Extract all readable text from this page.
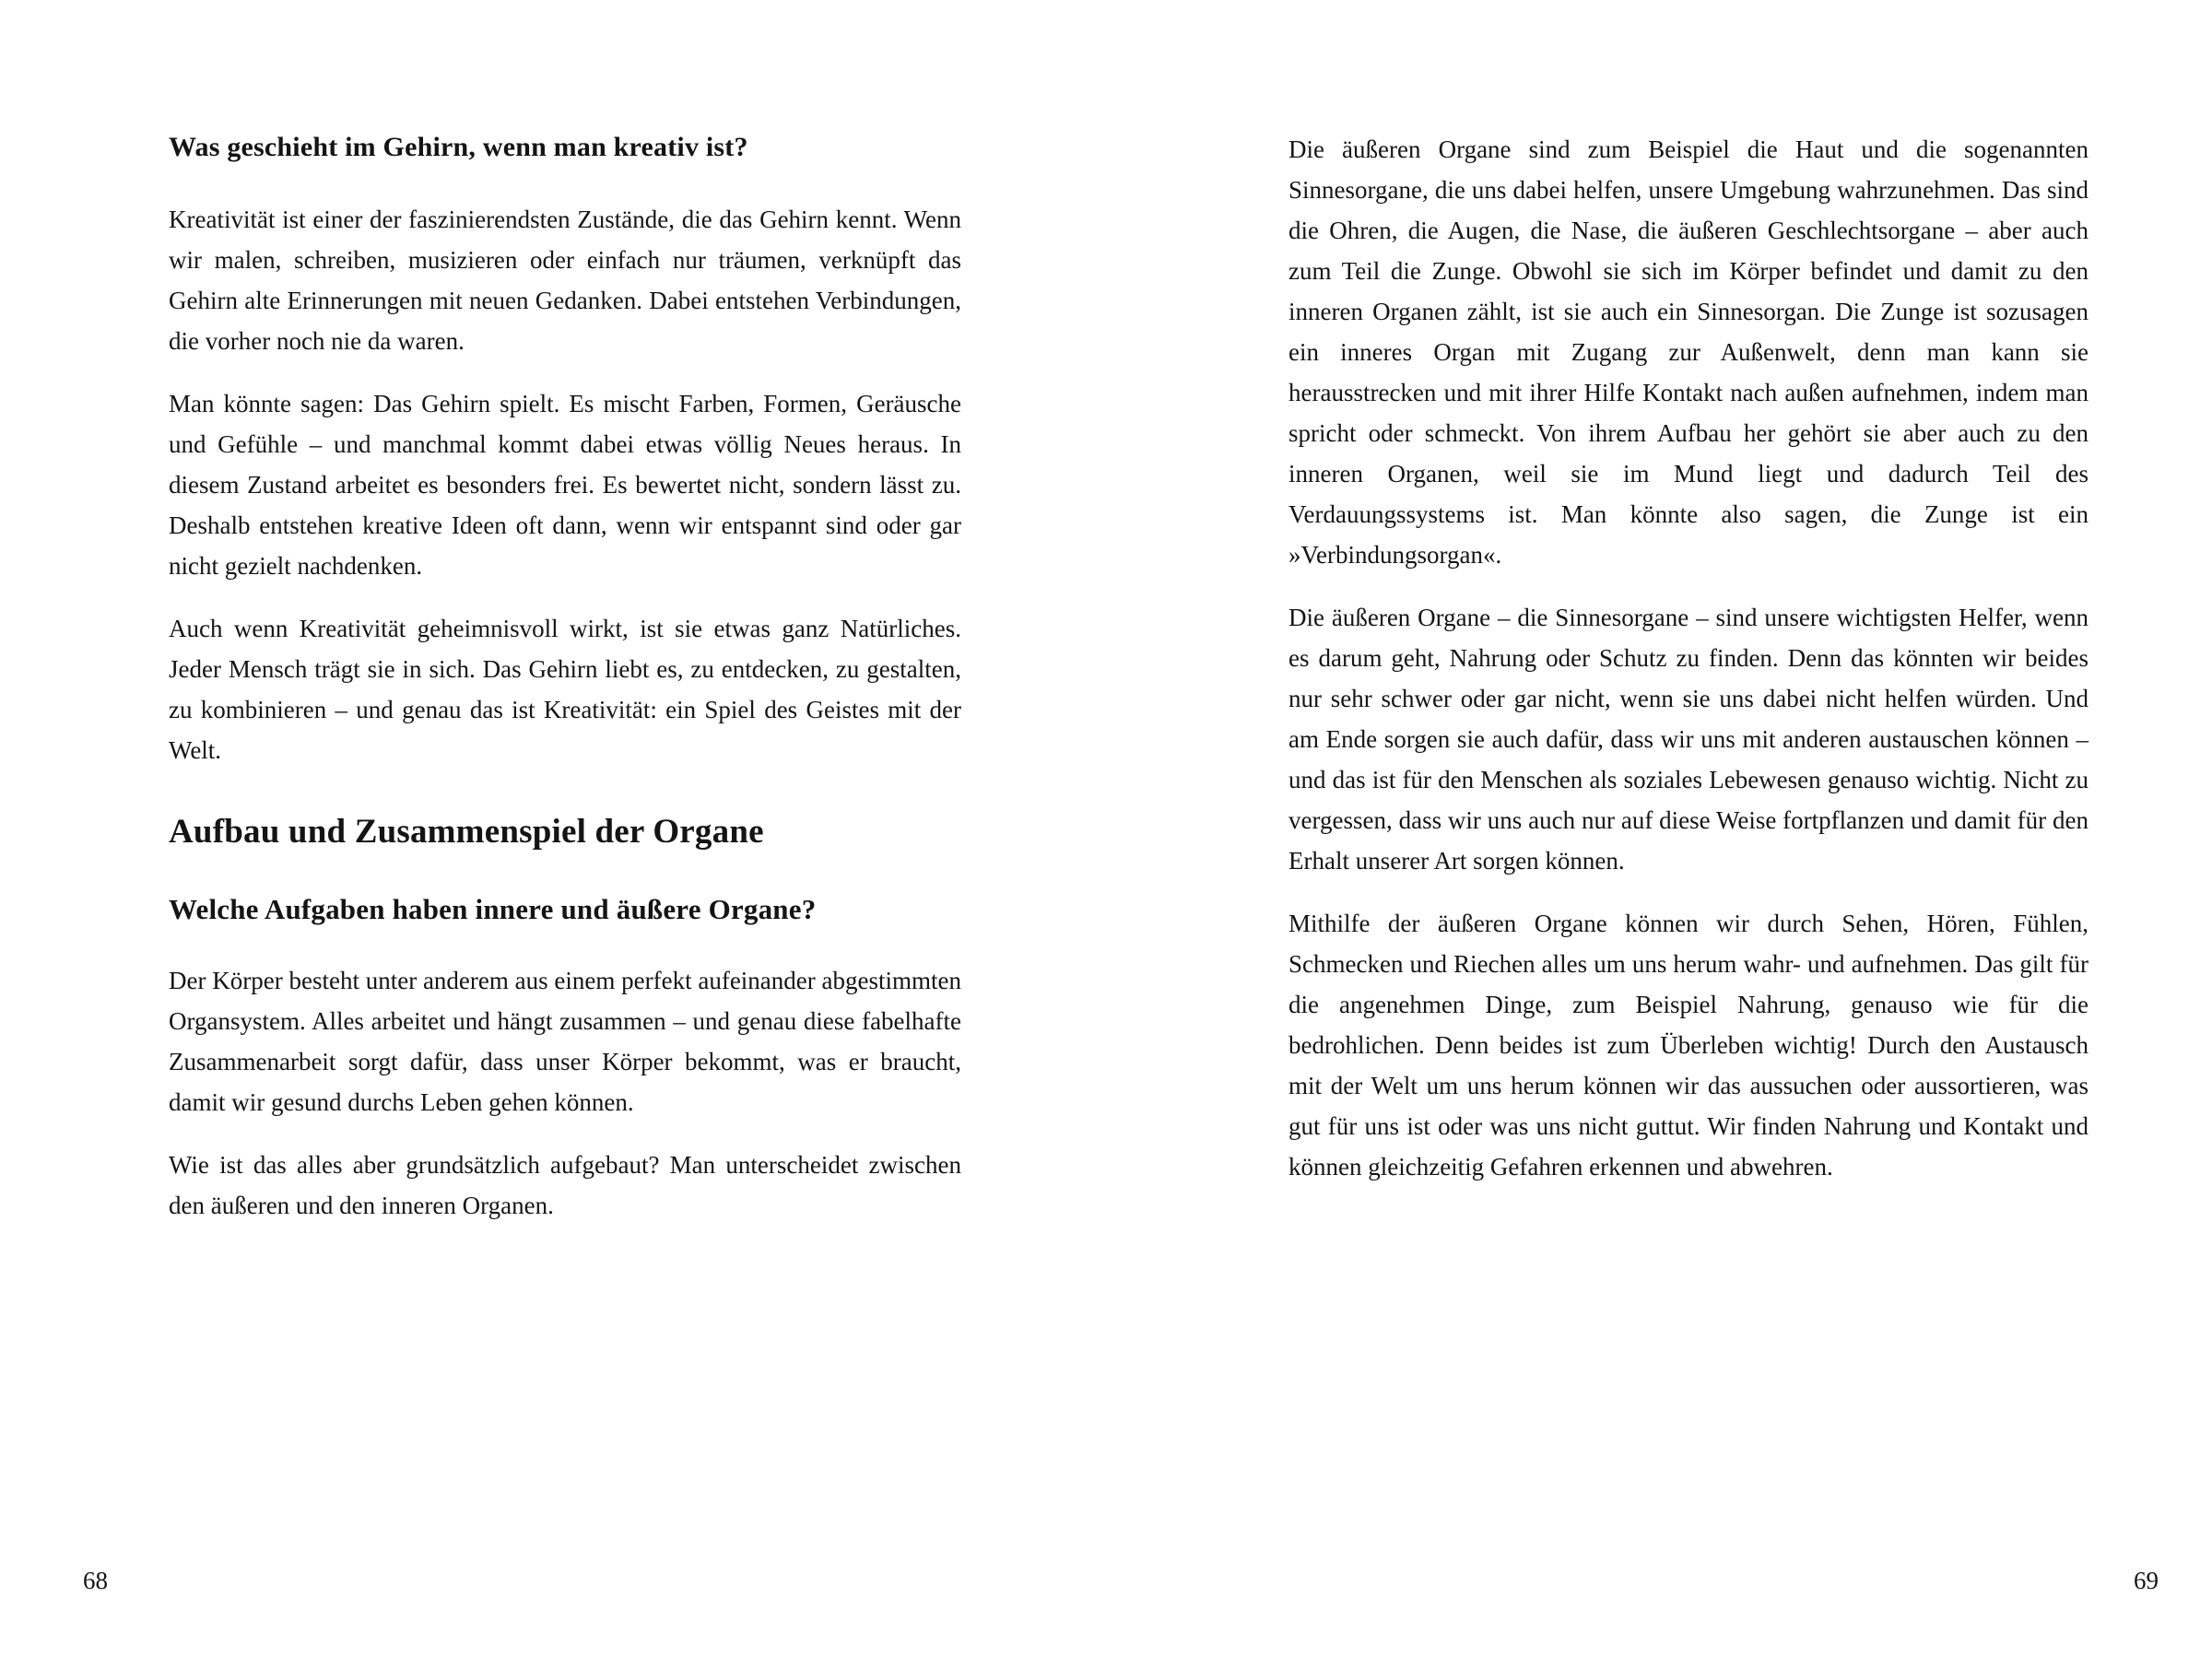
Was geschieht im Gehirn, wenn man kreativ ist?

Kreativität ist einer der faszinierendsten Zustände, die das Gehirn kennt. Wenn wir malen, schreiben, musizieren oder einfach nur träumen, verknüpft das Gehirn alte Erinnerungen mit neuen Gedanken. Dabei entstehen Verbindungen, die vorher noch nie da waren.

Man könnte sagen: Das Gehirn spielt. Es mischt Farben, Formen, Geräusche und Gefühle – und manchmal kommt dabei etwas völlig Neues heraus. In diesem Zustand arbeitet es besonders frei. Es bewertet nicht, sondern lässt zu. Deshalb entstehen kreative Ideen oft dann, wenn wir entspannt sind oder gar nicht gezielt nachdenken.

Auch wenn Kreativität geheimnisvoll wirkt, ist sie etwas ganz Natürliches. Jeder Mensch trägt sie in sich. Das Gehirn liebt es, zu entdecken, zu gestalten, zu kombinieren – und genau das ist Kreativität: ein Spiel des Geistes mit der Welt.

Aufbau und Zusammenspiel der Organe
Welche Aufgaben haben innere und äußere Organe?

Der Körper besteht unter anderem aus einem perfekt aufeinander abgestimmten Organsystem. Alles arbeitet und hängt zusammen – und genau diese fabelhafte Zusammenarbeit sorgt dafür, dass unser Körper bekommt, was er braucht, damit wir gesund durchs Leben gehen können.

Wie ist das alles aber grundsätzlich aufgebaut? Man unterscheidet zwischen den äußeren und den inneren Organen.

Die äußeren Organe sind zum Beispiel die Haut und die sogenannten Sinnesorgane, die uns dabei helfen, unsere Umgebung wahrzunehmen. Das sind die Ohren, die Augen, die Nase, die äußeren Geschlechtsorgane – aber auch zum Teil die Zunge. Obwohl sie sich im Körper befindet und damit zu den inneren Organen zählt, ist sie auch ein Sinnesorgan. Die Zunge ist sozusagen ein inneres Organ mit Zugang zur Außenwelt, denn man kann sie herausstrecken und mit ihrer Hilfe Kontakt nach außen aufnehmen, indem man spricht oder schmeckt. Von ihrem Aufbau her gehört sie aber auch zu den inneren Organen, weil sie im Mund liegt und dadurch Teil des Verdauungssystems ist. Man könnte also sagen, die Zunge ist ein »Verbindungsorgan«.

Die äußeren Organe – die Sinnesorgane – sind unsere wichtigsten Helfer, wenn es darum geht, Nahrung oder Schutz zu finden. Denn das könnten wir beides nur sehr schwer oder gar nicht, wenn sie uns dabei nicht helfen würden. Und am Ende sorgen sie auch dafür, dass wir uns mit anderen austauschen können – und das ist für den Menschen als soziales Lebewesen genauso wichtig. Nicht zu vergessen, dass wir uns auch nur auf diese Weise fortpflanzen und damit für den Erhalt unserer Art sorgen können.

Mithilfe der äußeren Organe können wir durch Sehen, Hören, Fühlen, Schmecken und Riechen alles um uns herum wahr- und aufnehmen. Das gilt für die angenehmen Dinge, zum Beispiel Nahrung, genauso wie für die bedrohlichen. Denn beides ist zum Überleben wichtig! Durch den Austausch mit der Welt um uns herum können wir das aussuchen oder aussortieren, was gut für uns ist oder was uns nicht guttut. Wir finden Nahrung und Kontakt und können gleichzeitig Gefahren erkennen und abwehren.

68	69
